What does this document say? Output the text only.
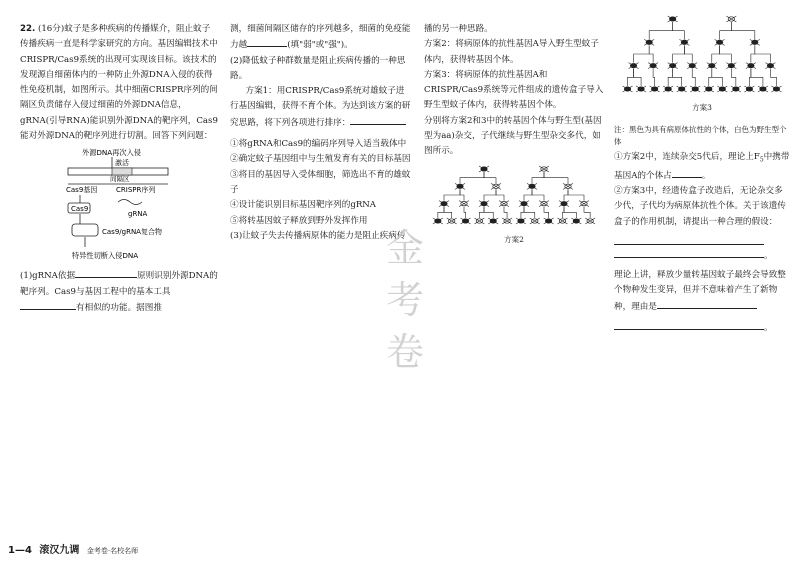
22. (16分)蚊子是多种疾病的传播媒介，阻止蚊子传播疾病一直是科学家研究的方向。基因编辑技术中CRISPR/Cas9系统的出现可实现该目标。该技术的发现源自细菌体内的一种防止外源DNA入侵的获得性免疫机制，如图所示。其中细菌CRISPR序列的间隔区负责储存入侵过细菌的外源DNA信息，gRNA(引导RNA)能识别外源DNA的靶序列，Cas9能对外源DNA的靶序列进行切割。回答下列问题：

外源DNA再次入侵
激活
间隔区
Cas9基因	CRISPR序列
Cas9
gRNA
Cas9/gRNA复合物
特异性切断入侵DNA

(1)gRNA依据	原则识别外源DNA的靶序列。Cas9与基因工程中的基本工具有相似的功能。据图推

测，细菌间隔区储存的序列越多，细菌的免疫能力越	(填"弱"或"强")。

(2)降低蚊子种群数量是阻止疾病传播的一种思路。

方案1：用CRISPR/Cas9系统对雄蚊子进行基因编辑，获得不育个体。为达到该方案的研究思路，将下列各项进行排序：

①将gRNA和Cas9的编码序列导入适当载体中

②确定蚊子基因组中与生殖发育有关的目标基因

③将目的基因导入受体细胞，筛选出不育的雄蚊子

④设计能识别目标基因靶序列的gRNA

⑤将转基因蚊子释放到野外发挥作用

(3)让蚊子失去传播病原体的能力是阻止疾病传

播的另一种思路。

方案2：将病原体的抗性基因A导入野生型蚊子体内，获得转基因个体。

方案3：将病原体的抗性基因A和CRISPR/Cas9系统等元件组成的遗传盒子导入野生型蚊子体内，获得转基因个体。

分别将方案2和3中的转基因个体与野生型(基因型为aa)杂交，子代继续与野生型杂交多代，如图所示。

方案2
方案3

注：黑色为具有病原体抗性的个体，白色为野生型个体

①方案2中，连续杂交5代后，理论上$F_5$中携带基因A的个体占	。

②方案3中，经遗传盒子改造后，无论杂交多少代，子代均为病原体抗性个体。关于该遗传盒子的作用机制，请提出一种合理的假设：

。

理论上讲，释放少量转基因蚊子最终会导致整个物种发生变异，但并不意味着产生了新物种，理由是

。
金考卷
1—4 滚汉九调 金考卷·名校名师
